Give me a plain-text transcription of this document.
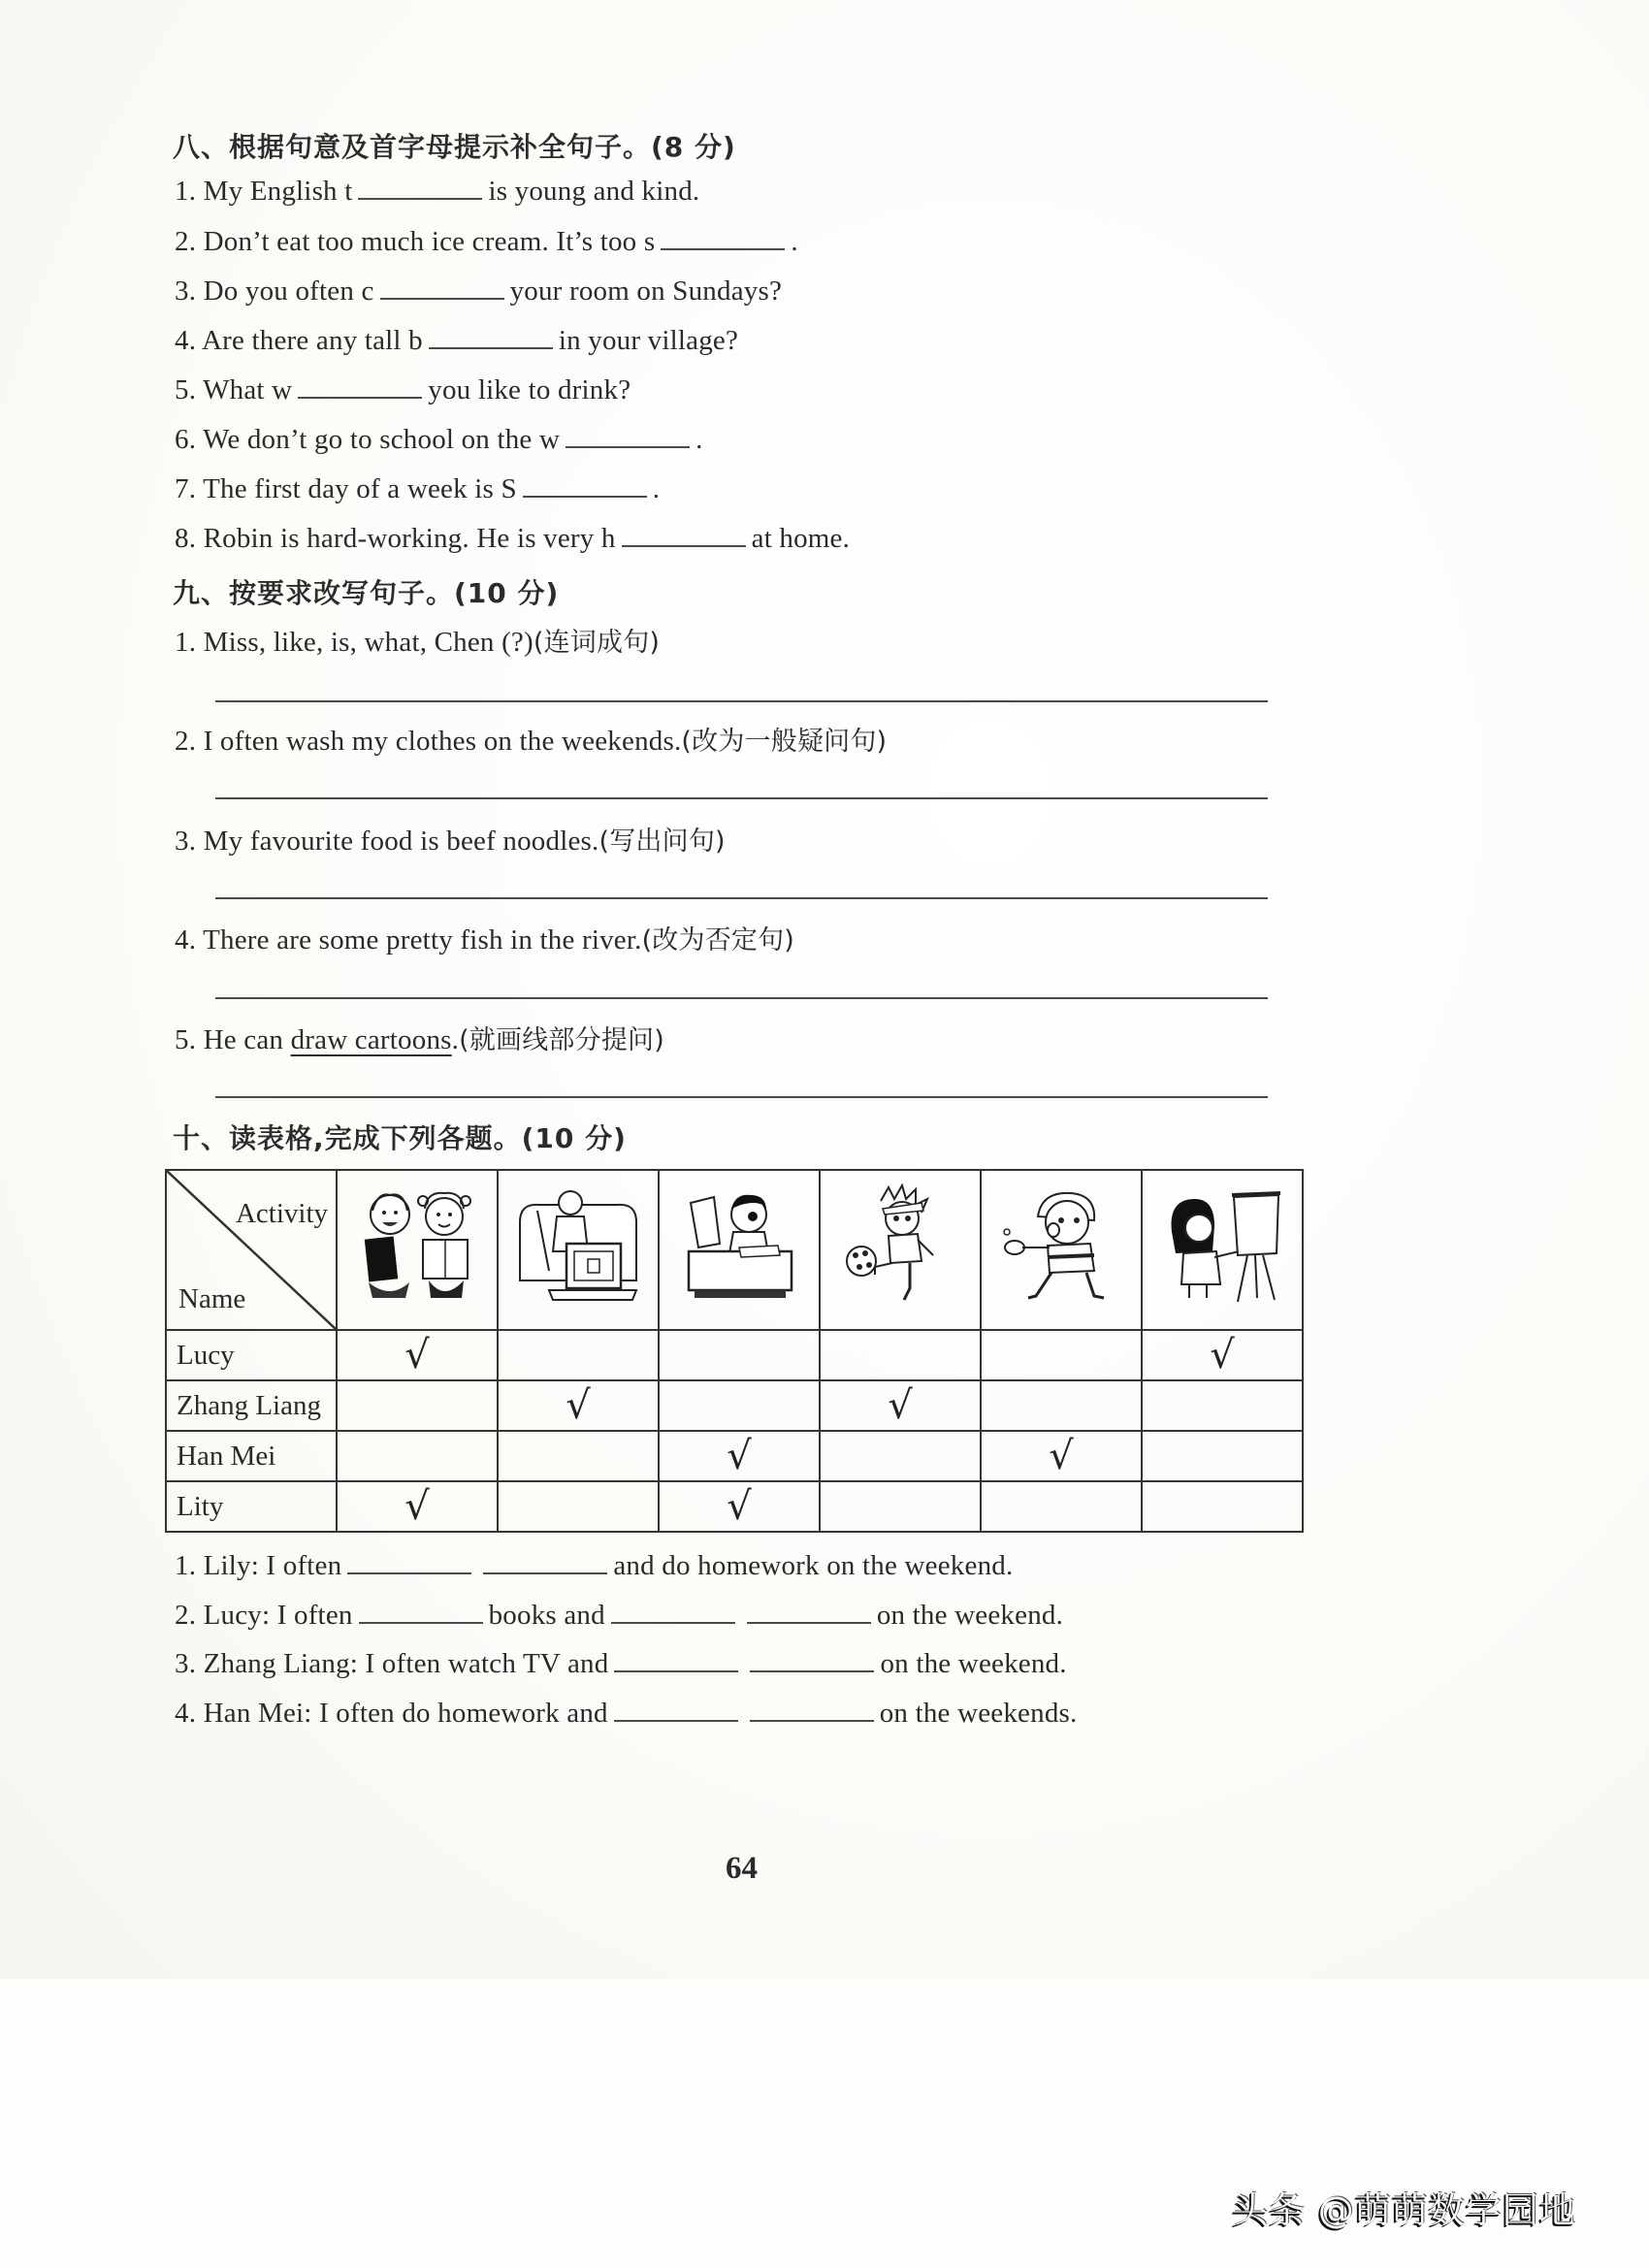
八、根据句意及首字母提示补全句子。(8 分)
1. My English t	is young and kind.
2. Don’t eat too much ice cream. It’s too s	.
3. Do you often c	your room on Sundays?
4. Are there any tall b	in your village?
5. What w	you like to drink?
6. We don’t go to school on the w	.
7. The first day of a week is S	.
8. Robin is hard-working. He is very h	at home.
九、按要求改写句子。(10 分)
1. Miss, like, is, what, Chen (?)(连词成句)
2. I often wash my clothes on the weekends.(改为一般疑问句)
3. My favourite food is beef noodles.(写出问句)
4. There are some pretty fish in the river.(改为否定句)
5. He can draw cartoons.(就画线部分提问)
十、读表格,完成下列各题。(10 分)
Activity
Name

Lucy	√					√
Zhang Liang		√		√		
Han Mei			√		√	
Lity	√		√			
1. Lily: I often	and do homework on the weekend.
2. Lucy: I often	books and	on the weekend.
3. Zhang Liang: I often watch TV and	on the weekend.
4. Han Mei: I often do homework and	on the weekends.
64
头条 @萌萌数学园地
